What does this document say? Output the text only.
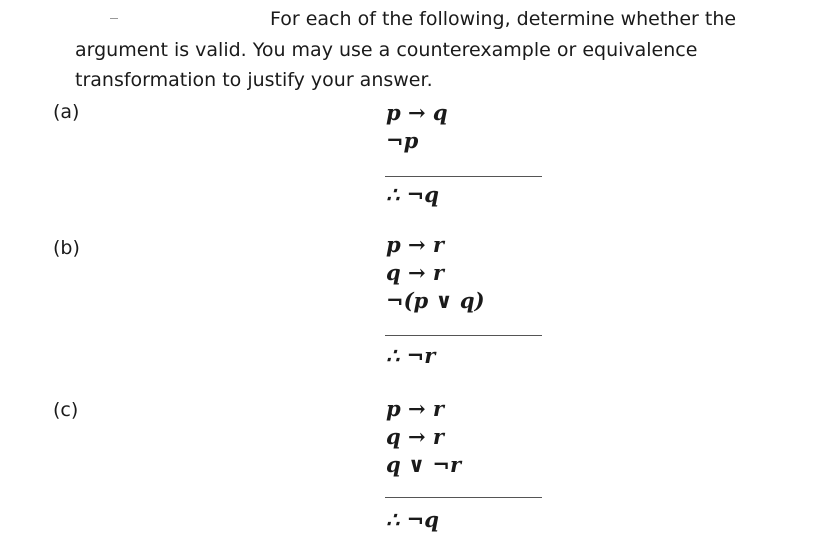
For each of the following, determine whether the
argument is valid. You may use a counterexample or equivalence
transformation to justify your answer.
(a)	p → q
¬p
∴ ¬q
(b)	p → r
q → r
¬(p ∨ q)
∴ ¬r
(c)	p → r
q → r
q ∨ ¬r
∴ ¬q
